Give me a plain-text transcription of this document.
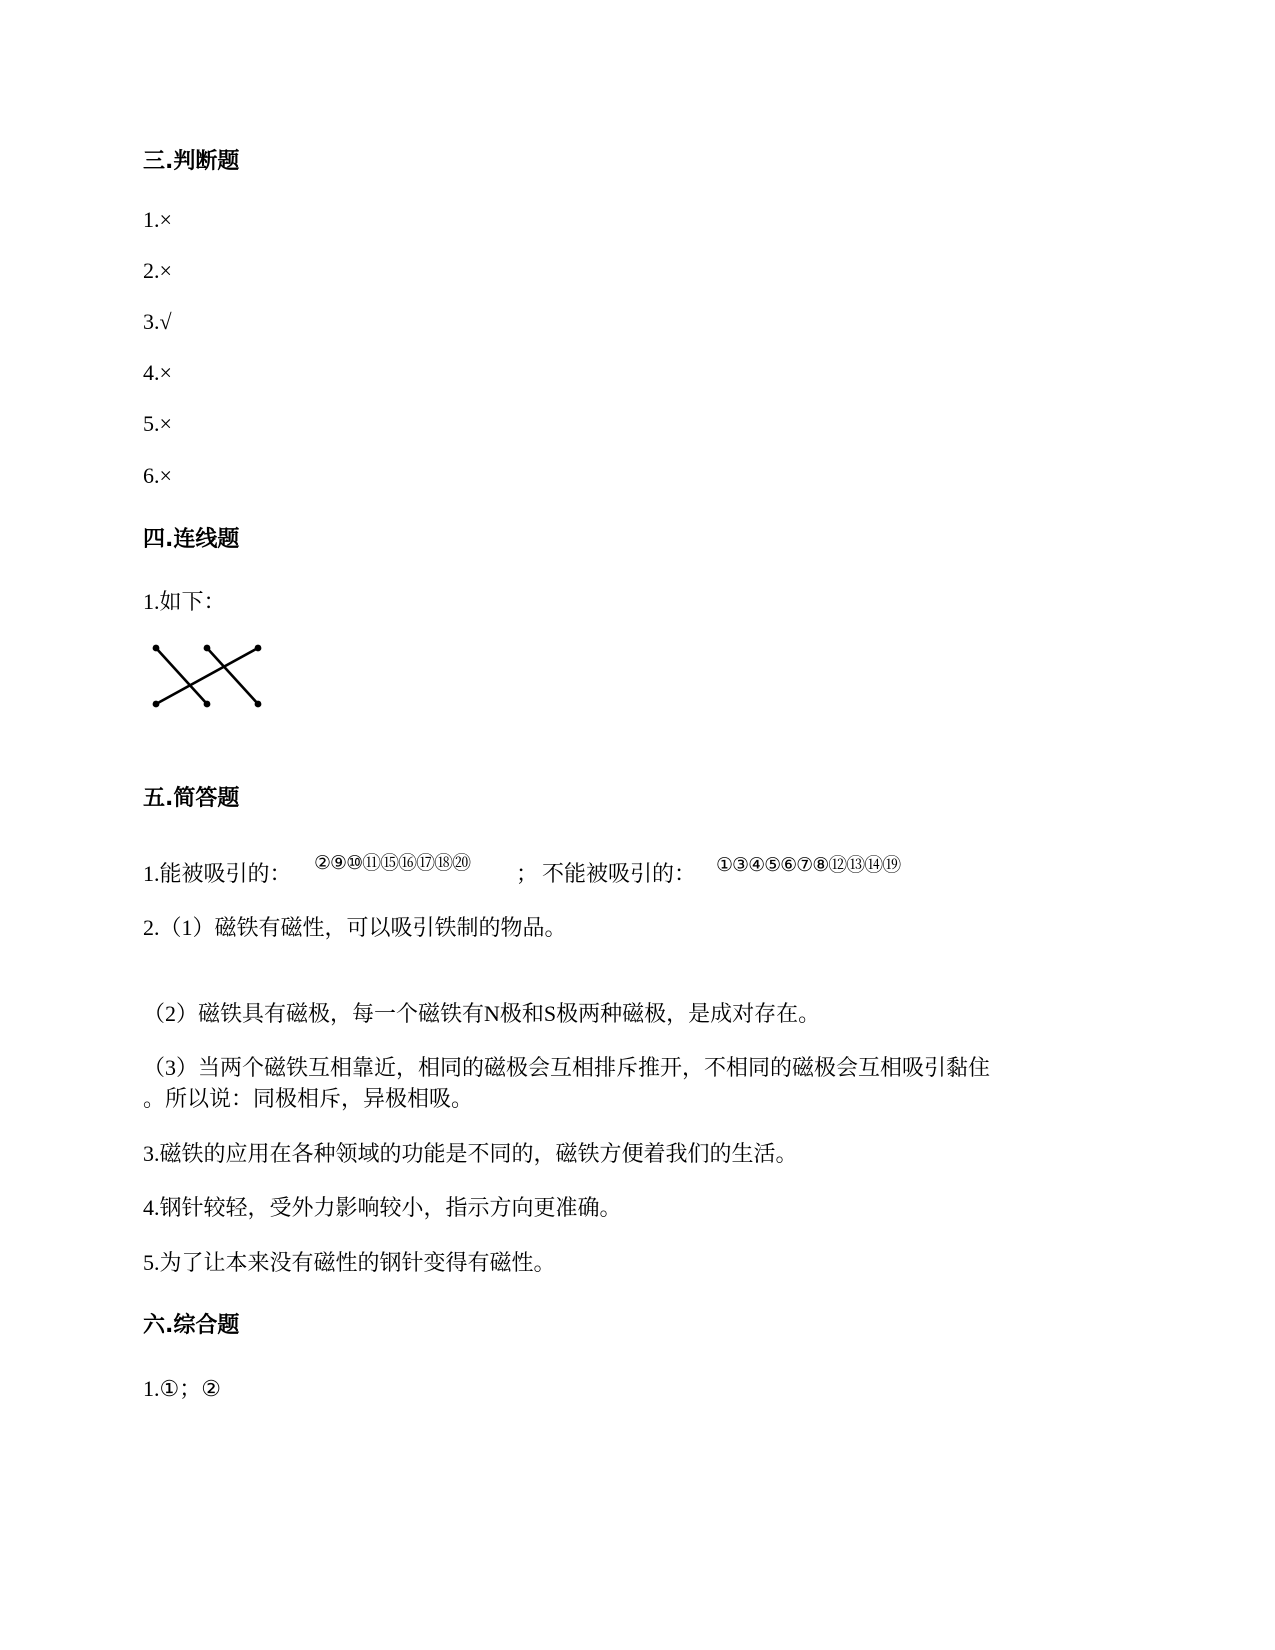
三.判断题
1.×
2.×
3.√
4.×
5.×
6.×
四.连线题
1.如下：
五.简答题
1.能被吸引的： ②⑨⑩⑪⑮⑯⑰⑱⑳ ； 不能被吸引的： ①③④⑤⑥⑦⑧⑫⑬⑭⑲
2.（1）磁铁有磁性，可以吸引铁制的物品。
（2）磁铁具有磁极，每一个磁铁有N极和S极两种磁极，是成对存在。
（3）当两个磁铁互相靠近，相同的磁极会互相排斥推开，不相同的磁极会互相吸引黏住
。所以说：同极相斥，异极相吸。
3.磁铁的应用在各种领域的功能是不同的，磁铁方便着我们的生活。
4.钢针较轻，受外力影响较小，指示方向更准确。
5.为了让本来没有磁性的钢针变得有磁性。
六.综合题
1.①；②
